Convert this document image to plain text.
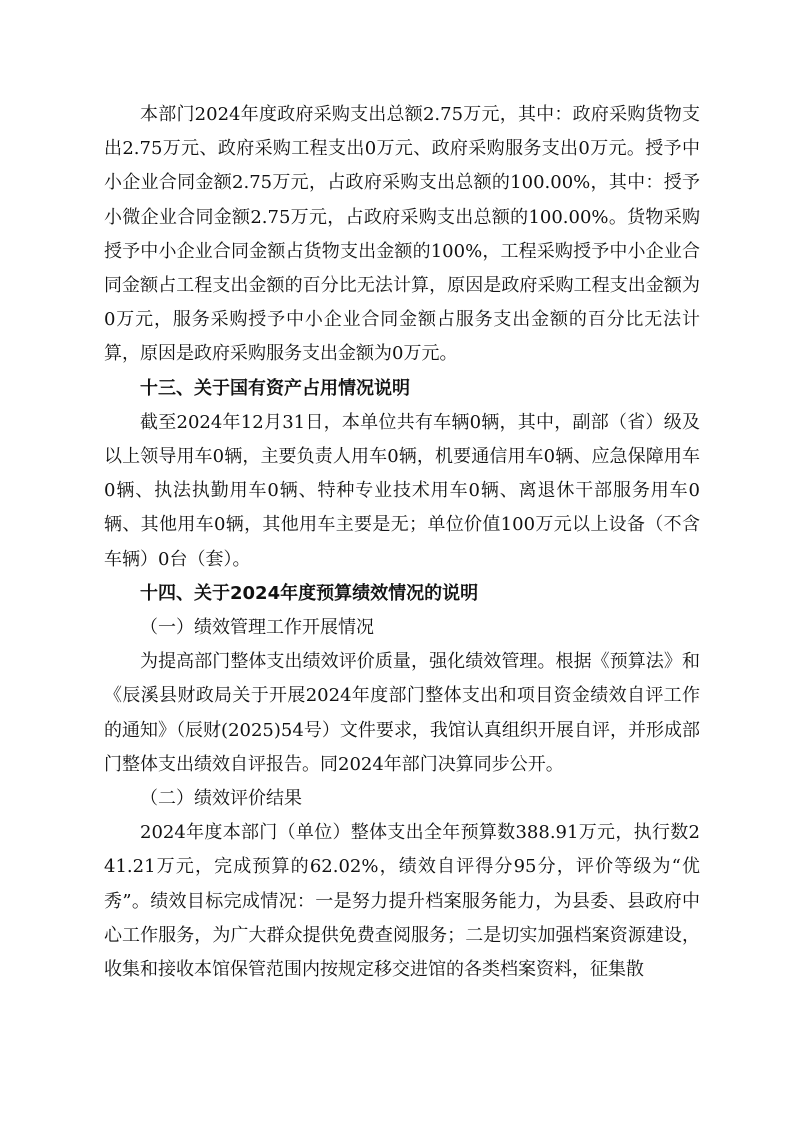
本部门2024年度政府采购支出总额2.75万元，其中：政府采购货物支出2.75万元、政府采购工程支出0万元、政府采购服务支出0万元。授予中小企业合同金额2.75万元，占政府采购支出总额的100.00%，其中：授予小微企业合同金额2.75万元，占政府采购支出总额的100.00%。货物采购授予中小企业合同金额占货物支出金额的100%，工程采购授予中小企业合同金额占工程支出金额的百分比无法计算，原因是政府采购工程支出金额为0万元，服务采购授予中小企业合同金额占服务支出金额的百分比无法计算，原因是政府采购服务支出金额为0万元。

十三、关于国有资产占用情况说明

截至2024年12月31日，本单位共有车辆0辆，其中，副部（省）级及以上领导用车0辆，主要负责人用车0辆，机要通信用车0辆、应急保障用车0辆、执法执勤用车0辆、特种专业技术用车0辆、离退休干部服务用车0辆、其他用车0辆，其他用车主要是无；单位价值100万元以上设备（不含车辆）0台（套）。

十四、关于2024年度预算绩效情况的说明

（一）绩效管理工作开展情况

为提高部门整体支出绩效评价质量，强化绩效管理。根据《预算法》和《辰溪县财政局关于开展2024年度部门整体支出和项目资金绩效自评工作的通知》（辰财(2025)54号）文件要求，我馆认真组织开展自评，并形成部门整体支出绩效自评报告。同2024年部门决算同步公开。

（二）绩效评价结果

2024年度本部门（单位）整体支出全年预算数388.91万元，执行数241.21万元，完成预算的62.02%，绩效自评得分95分，评价等级为“优秀”。绩效目标完成情况：一是努力提升档案服务能力，为县委、县政府中心工作服务，为广大群众提供免费查阅服务；二是切实加强档案资源建设，收集和接收本馆保管范围内按规定移交进馆的各类档案资料，征集散
